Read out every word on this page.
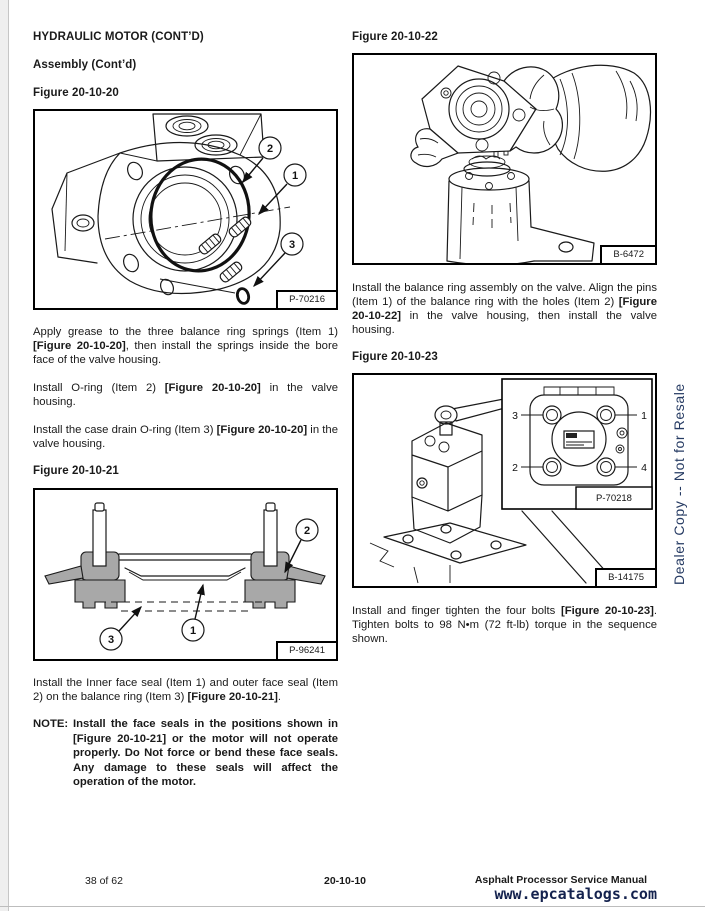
HYDRAULIC MOTOR (CONT’D)
Assembly (Cont’d)
Figure 20-10-20
2
1
3
P-70216

Apply grease to the three balance ring springs (Item 1) [Figure 20-10-20], then install the springs inside the bore face of the valve housing.

Install O-ring (Item 2) [Figure 20-10-20] in the valve housing.

Install the case drain O-ring (Item 3) [Figure 20-10-20] in the valve housing.

Figure 20-10-21
2
1
3
P-96241

Install the Inner face seal (Item 1) and outer face seal (Item 2) on the balance ring (Item 3) [Figure 20-10-21].

NOTE: Install the face seals in the positions shown in [Figure 20-10-21] or the motor will not operate properly. Do Not force or bend these face seals. Any damage to these seals will affect the operation of the motor.
Figure 20-10-22
B-6472

Install the balance ring assembly on the valve. Align the pins (Item 1) of the balance ring with the holes (Item 2) [Figure 20-10-22] in the valve housing, then install the valve housing.

Figure 20-10-23
3	1
2	4
P-70218
B-14175

Install and finger tighten the four bolts [Figure 20-10-23]. Tighten bolts to 98 N•m (72 ft-lb) torque in the sequence shown.

Dealer Copy -- Not for Resale
38 of 62	20-10-10	Asphalt Processor Service Manual
www.epcatalogs.com
